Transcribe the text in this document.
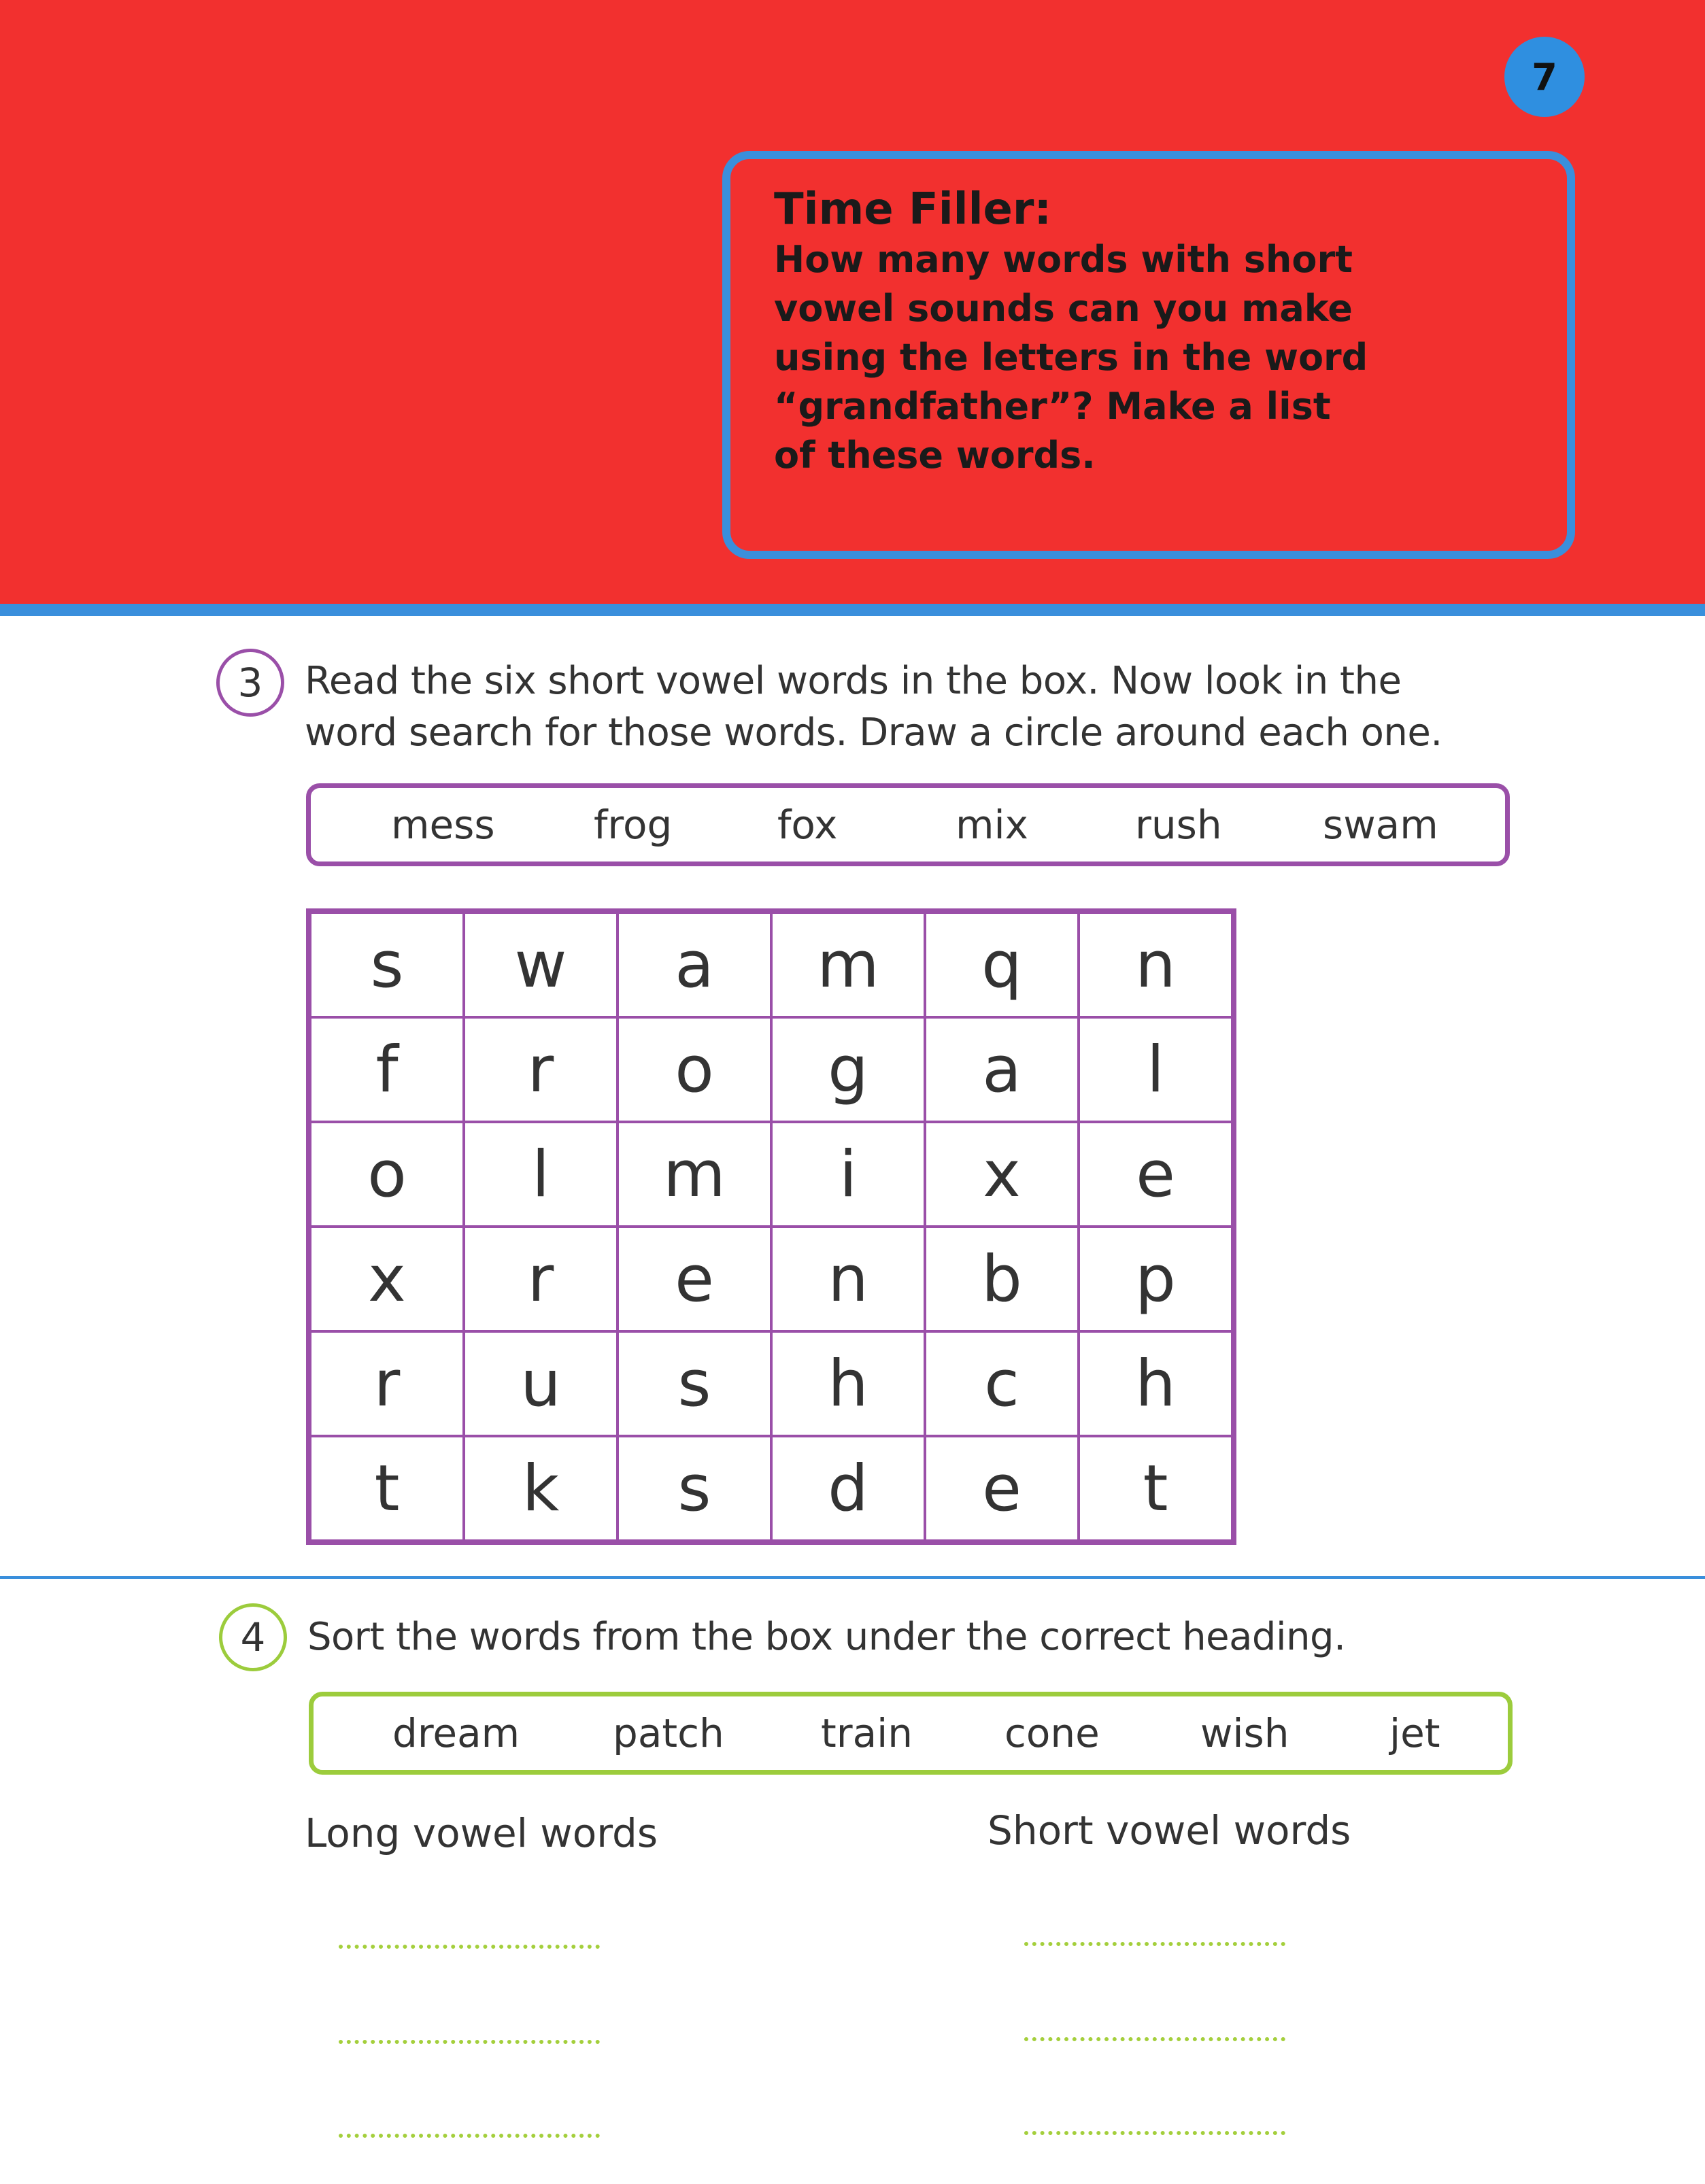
7
Time Filler:
How many words with short
vowel sounds can you make
using the letters in the word
“grandfather”? Make a list
of these words.
3	Read the six short vowel words in the box. Now look in the
word search for those words. Draw a circle around each one.
mess	frog	fox	mix	rush	swam
s	w	a	m	q	n
f	r	o	g	a	l
o	l	m	i	x	e
x	r	e	n	b	p
r	u	s	h	c	h
t	k	s	d	e	t
4	Sort the words from the box under the correct heading.
dream patch train cone	wish	jet
Long vowel words	Short vowel words
